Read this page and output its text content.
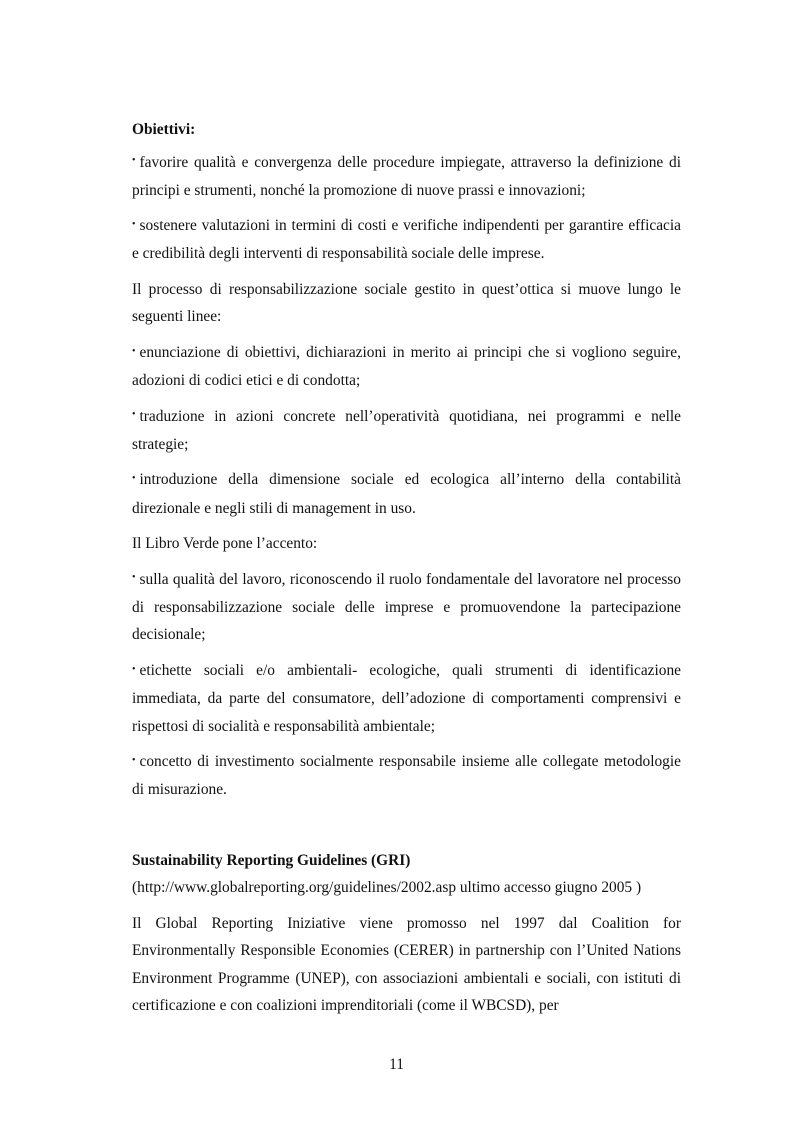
Obiettivi:

• favorire qualità e convergenza delle procedure impiegate, attraverso la definizione di principi e strumenti, nonché la promozione di nuove prassi e innovazioni;

• sostenere valutazioni in termini di costi e verifiche indipendenti per garantire efficacia e credibilità degli interventi di responsabilità sociale delle imprese.

Il processo di responsabilizzazione sociale gestito in quest’ottica si muove lungo le seguenti linee:

• enunciazione di obiettivi, dichiarazioni in merito ai principi che si vogliono seguire, adozioni di codici etici e di condotta;

• traduzione in azioni concrete nell’operatività quotidiana, nei programmi e nelle strategie;

• introduzione della dimensione sociale ed ecologica all’interno della contabilità direzionale e negli stili di management in uso.

Il Libro Verde pone l’accento:

• sulla qualità del lavoro, riconoscendo il ruolo fondamentale del lavoratore nel processo di responsabilizzazione sociale delle imprese e promuovendone la partecipazione decisionale;

• etichette sociali e/o ambientali- ecologiche, quali strumenti di identificazione immediata, da parte del consumatore, dell’adozione di comportamenti comprensivi e rispettosi di socialità e responsabilità ambientale;

• concetto di investimento socialmente responsabile insieme alle collegate metodologie di misurazione.

Sustainability Reporting Guidelines (GRI)

(http://www.globalreporting.org/guidelines/2002.asp ultimo accesso giugno 2005 )

Il Global Reporting Iniziative viene promosso nel 1997 dal Coalition for Environmentally Responsible Economies (CERER) in partnership con l’United Nations Environment Programme (UNEP), con associazioni ambientali e sociali, con istituti di certificazione e con coalizioni imprenditoriali (come il WBCSD), per

11
